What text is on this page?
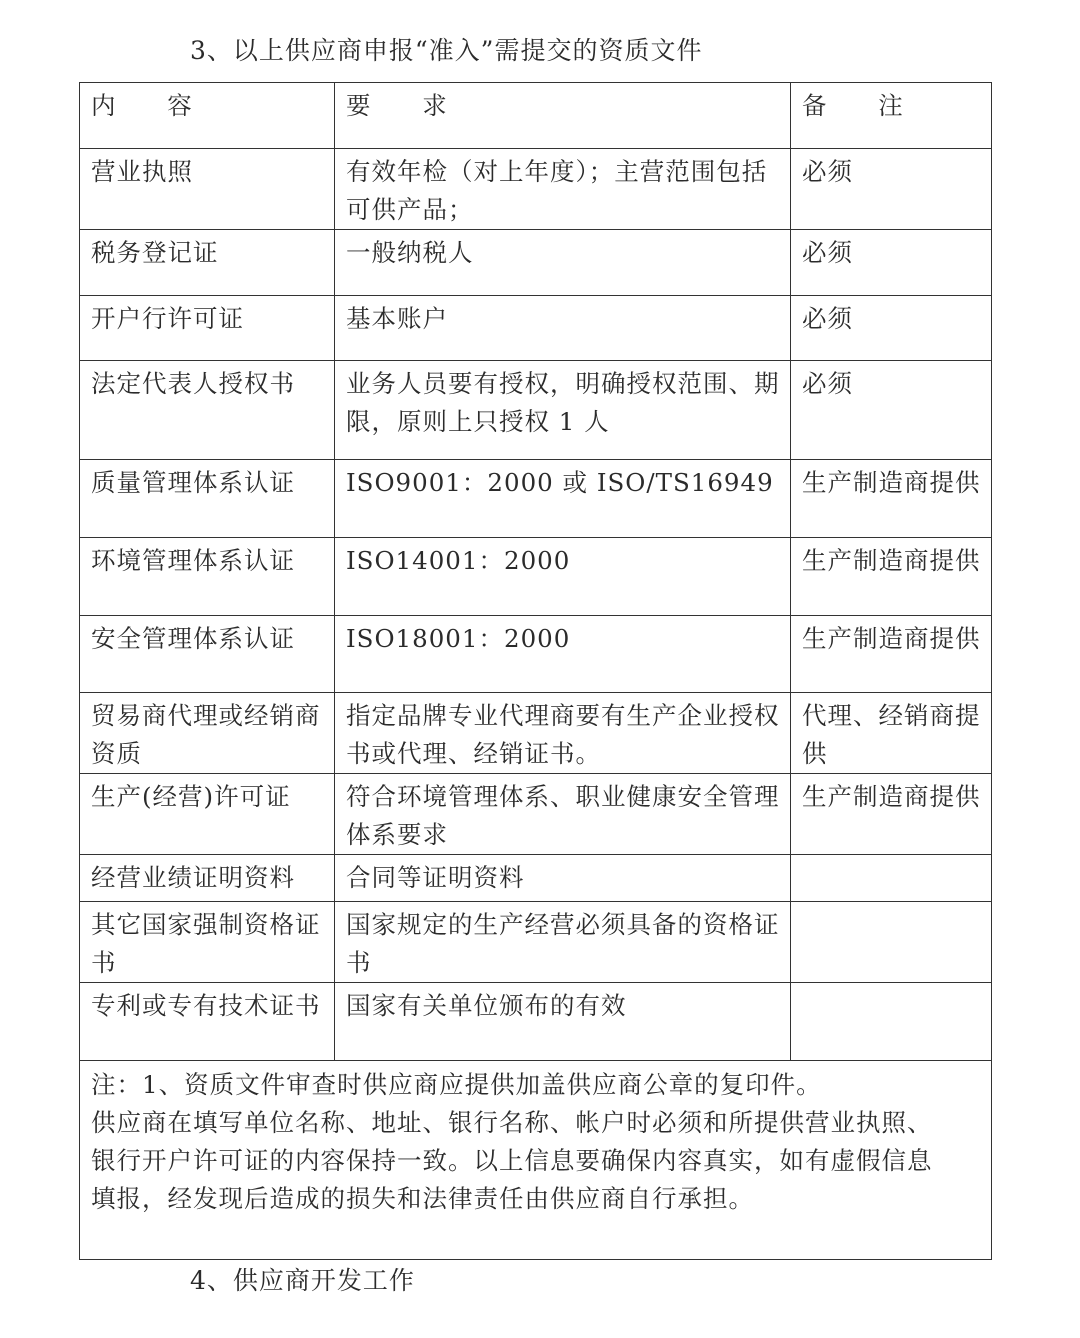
3、以上供应商申报“准入”需提交的资质文件
内 容	要 求	备 注
营业执照	有效年检（对上年度）；主营范围包括可供产品；	必须
税务登记证	一般纳税人	必须
开户行许可证	基本账户	必须
法定代表人授权书	业务人员要有授权，明确授权范围、期限，原则上只授权 1 人	必须
质量管理体系认证	ISO9001：2000 或 ISO/TS16949	生产制造商提供
环境管理体系认证	ISO14001：2000	生产制造商提供
安全管理体系认证	ISO18001：2000	生产制造商提供
贸易商代理或经销商资质	指定品牌专业代理商要有生产企业授权书或代理、经销证书。	代理、经销商提供
生产(经营)许可证	符合环境管理体系、职业健康安全管理体系要求	生产制造商提供
经营业绩证明资料	合同等证明资料	
其它国家强制资格证书	国家规定的生产经营必须具备的资格证书	
专利或专有技术证书	国家有关单位颁布的有效	

注：1、资质文件审查时供应商应提供加盖供应商公章的复印件。
供应商在填写单位名称、地址、银行名称、帐户时必须和所提供营业执照、
银行开户许可证的内容保持一致。以上信息要确保内容真实，如有虚假信息
填报，经发现后造成的损失和法律责任由供应商自行承担。		
4、供应商开发工作
